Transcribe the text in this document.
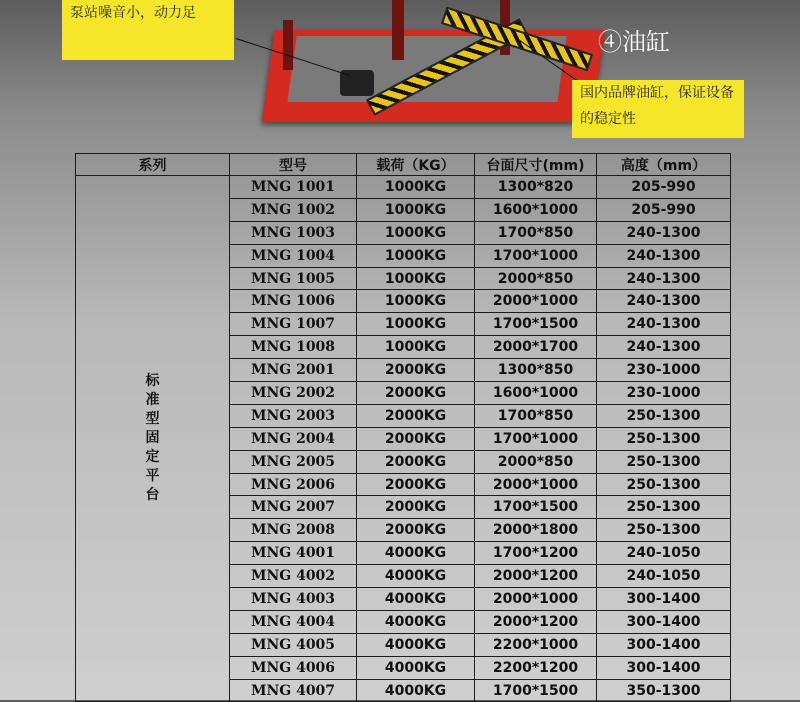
泵站噪音小，动力足
④油缸
国内品牌油缸，保证设备的稳定性
系列	型号	载荷（KG）	台面尺寸(mm)	高度（mm）
标准型固定平台	MNG 1001	1000KG	1300*820	205-990
	MNG 1002	1000KG	1600*1000	205-990
	MNG 1003	1000KG	1700*850	240-1300
	MNG 1004	1000KG	1700*1000	240-1300
	MNG 1005	1000KG	2000*850	240-1300
	MNG 1006	1000KG	2000*1000	240-1300
	MNG 1007	1000KG	1700*1500	240-1300
	MNG 1008	1000KG	2000*1700	240-1300
	MNG 2001	2000KG	1300*850	230-1000
	MNG 2002	2000KG	1600*1000	230-1000
	MNG 2003	2000KG	1700*850	250-1300
	MNG 2004	2000KG	1700*1000	250-1300
	MNG 2005	2000KG	2000*850	250-1300
	MNG 2006	2000KG	2000*1000	250-1300
	MNG 2007	2000KG	1700*1500	250-1300
	MNG 2008	2000KG	2000*1800	250-1300
	MNG 4001	4000KG	1700*1200	240-1050
	MNG 4002	4000KG	2000*1200	240-1050
	MNG 4003	4000KG	2000*1000	300-1400
	MNG 4004	4000KG	2000*1200	300-1400
	MNG 4005	4000KG	2200*1000	300-1400
	MNG 4006	4000KG	2200*1200	300-1400
	MNG 4007	4000KG	1700*1500	350-1300
